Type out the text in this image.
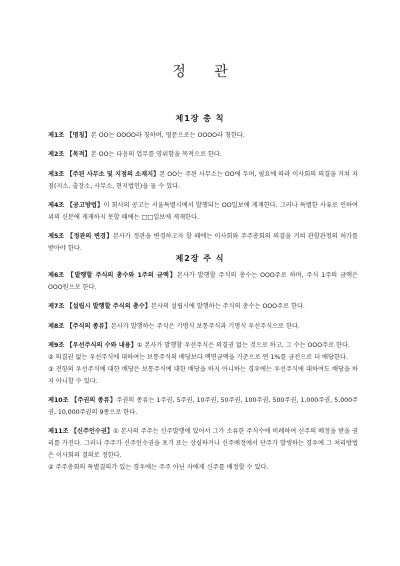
정 관
제1장 총 칙

제1조 【명칭】본 OO는 OOOO라 칭하며, 영문으로는 OOOO라 칭한다.

제2조 【목적】본 OO는 다음의 업무를 영위함을 목적으로 한다.

제3조 【주된 사무소 및 지점의 소재지】본 OO는 주된 사무소는 OO에 두며, 필요에 따라 이사회의 의결을 거쳐 지점(지소, 출장소, 사무소, 현지법인)을 둘 수 있다.

제4조 【공고방법】이 회사의 공고는 서울특별시에서 발행되는 OO일보에 게재한다. 그러나 특별한 사유로 인하여 위의 신문에 게재하지 못할 때에는 □□일보에 게재한다.

제5조 【정관의 변경】본사가 정관을 변경하고자 할 때에는 이사회와 주주총회의 의결을 거쳐 관할관청의 허가를 받아야 한다.

제2장 주 식

제6조 【발행할 주식의 총수와 1주의 금액】본사가 발행할 주식의 총수는 OOO주로 하며, 주식 1주의 금액은 OOO원으로 한다.

제7조 【설립시 발행할 주식의 총수】본사의 설립시에 발행하는 주식의 총수는 OOO주로 한다.

제8조 【주식의 종류】본사가 발행하는 주식은 기명식 보통주식과 기명식 우선주식으로 한다.

제9조 【우선주식의 수와 내용】① 본사가 발행할 우선주식은 의결권 없는 것으로 하고, 그 수는 OOO주로 한다.

② 의결권 없는 우선주식에 대하여는 보통주식의 배당보다 액면금액을 기준으로 연 1%를 금전으로 더 배당한다.

③ 전항의 우선주식에 대한 배당은 보통주식에 대한 배당을 하지 아니하는 경우에는 우선주식에 대하여도 배당을 하지 아니할 수 있다.

제10조 【주권의 종류】주권의 종류는 1주권, 5주권, 10주권, 50주권, 100주권, 500주권, 1,000주권, 5,000주권, 10,000주권의 9종으로 한다.

제11조 【신주인수권】① 본사의 주주는 신주발행에 있어서 그가 소유한 주식수에 비례하여 신주의 배정을 받을 권리를 가진다. 그러나 주주가 신주인수권을 포기 또는 상실하거나 신주배정에서 단주가 발생하는 경우에 그 처리방법은 이사회의 결의로 정한다.

② 주주총회의 특별결의가 있는 경우에는 주주 아닌 자에게 신주를 배정할 수 있다.
